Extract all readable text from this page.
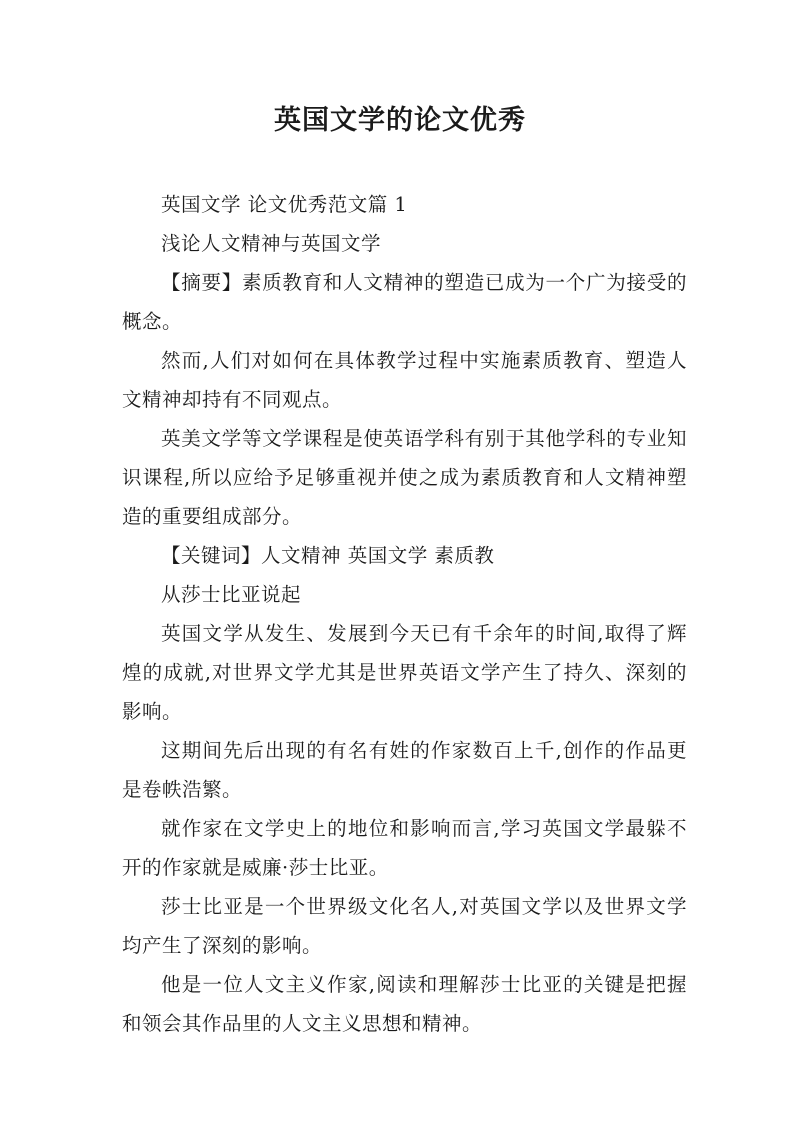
英国文学的论文优秀

英国文学 论文优秀范文篇 1

浅论人文精神与英国文学

【摘要】素质教育和人文精神的塑造已成为一个广为接受的概念。

然而,人们对如何在具体教学过程中实施素质教育、塑造人文精神却持有不同观点。

英美文学等文学课程是使英语学科有别于其他学科的专业知识课程,所以应给予足够重视并使之成为素质教育和人文精神塑造的重要组成部分。

【关键词】人文精神 英国文学 素质教

从莎士比亚说起

英国文学从发生、发展到今天已有千余年的时间,取得了辉煌的成就,对世界文学尤其是世界英语文学产生了持久、深刻的影响。

这期间先后出现的有名有姓的作家数百上千,创作的作品更是卷帙浩繁。

就作家在文学史上的地位和影响而言,学习英国文学最躲不开的作家就是威廉·莎士比亚。

莎士比亚是一个世界级文化名人,对英国文学以及世界文学均产生了深刻的影响。

他是一位人文主义作家,阅读和理解莎士比亚的关键是把握和领会其作品里的人文主义思想和精神。
